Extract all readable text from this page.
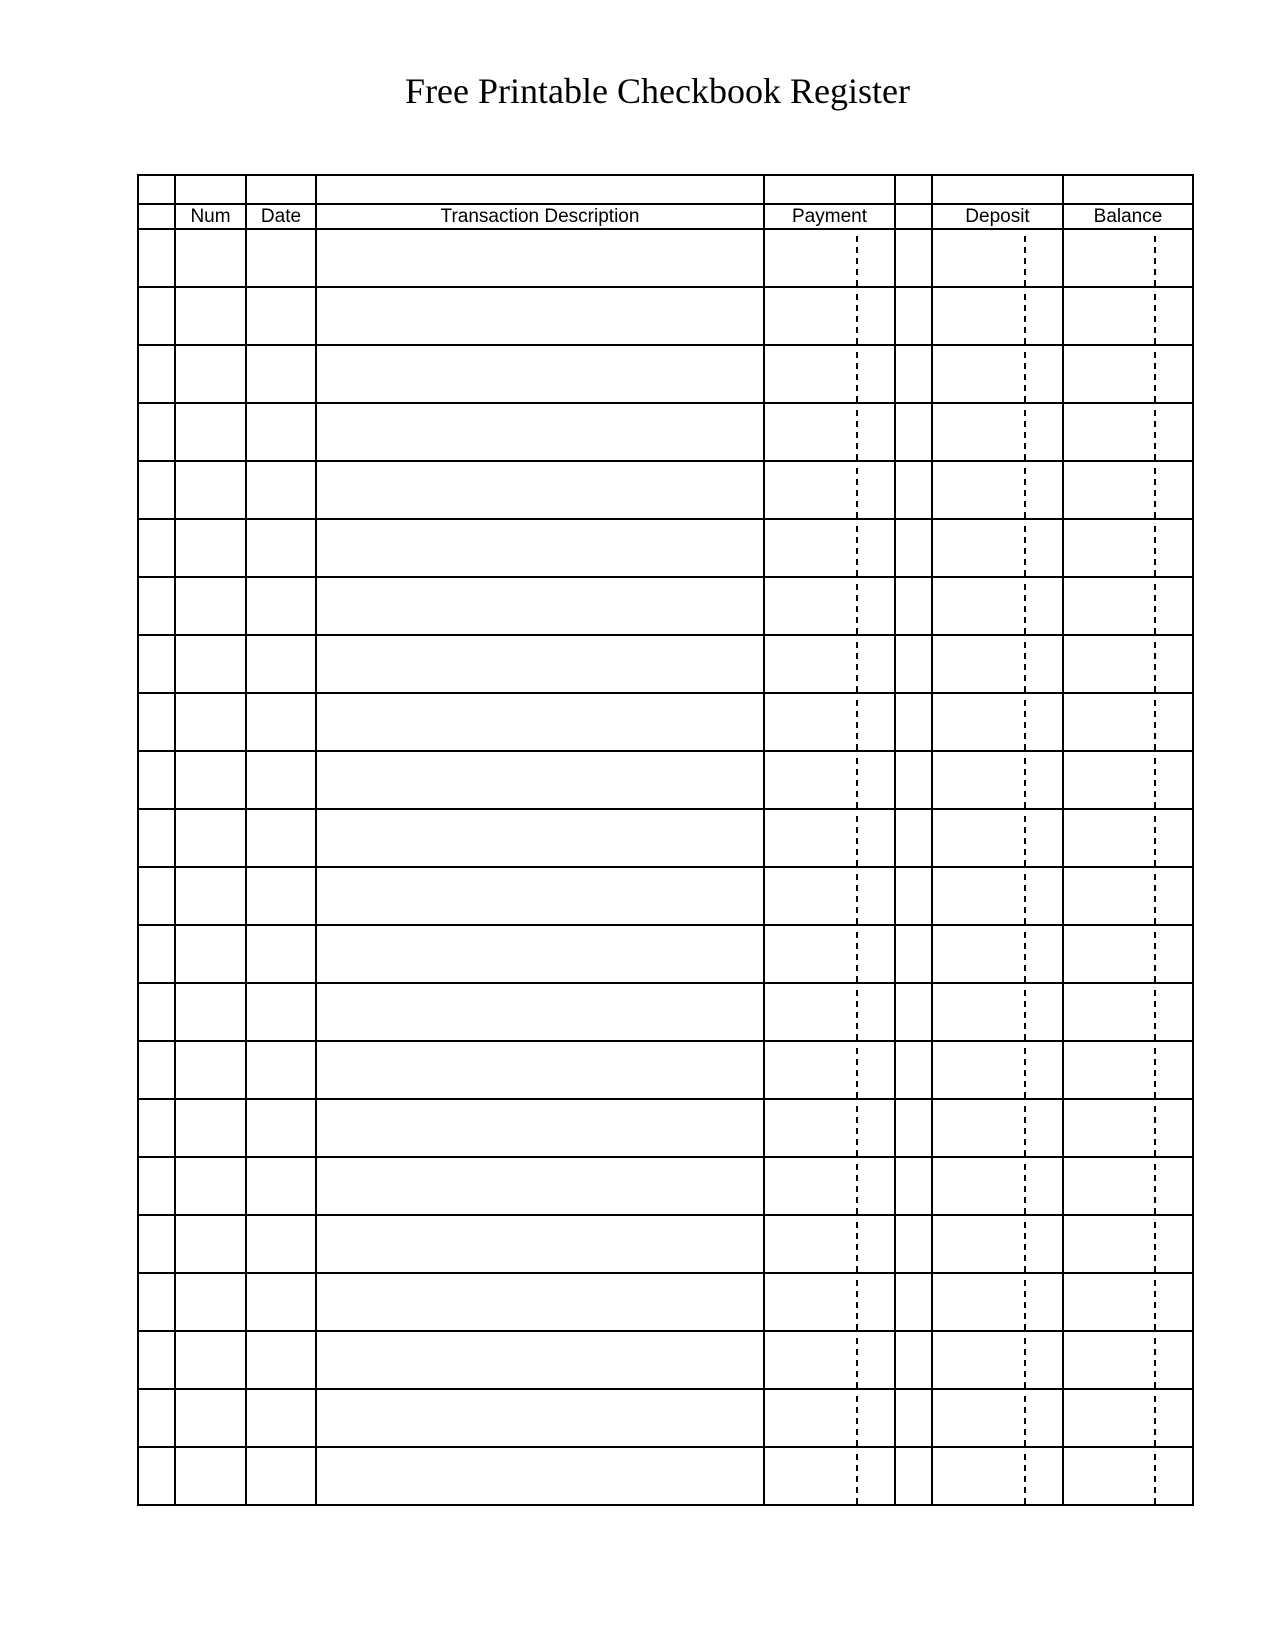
Free Printable Checkbook Register

	Num	Date	Transaction Description	Payment		Deposit	Balance
